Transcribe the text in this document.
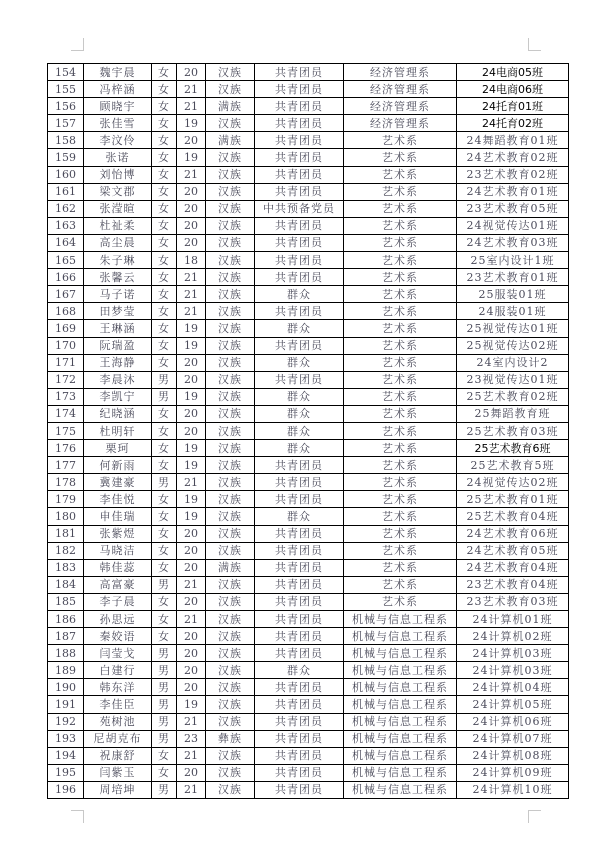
154	魏宇晨	女	20	汉族	共青团员	经济管理系	24电商05班
155	冯梓涵	女	21	汉族	共青团员	经济管理系	24电商06班
156	顾晓宇	女	21	满族	共青团员	经济管理系	24托育01班
157	张佳雪	女	19	汉族	共青团员	经济管理系	24托育02班
158	李汶伶	女	20	满族	共青团员	艺术系	24舞蹈教育01班
159	张诺	女	19	汉族	共青团员	艺术系	24艺术教育02班
160	刘怡博	女	21	汉族	共青团员	艺术系	23艺术教育02班
161	梁文郡	女	20	汉族	共青团员	艺术系	24艺术教育01班
162	张滢暄	女	20	汉族	中共预备党员	艺术系	23艺术教育05班
163	杜祉柔	女	20	汉族	共青团员	艺术系	24视觉传达01班
164	高尘晨	女	20	汉族	共青团员	艺术系	24艺术教育03班
165	朱子琳	女	18	汉族	共青团员	艺术系	25室内设计1班
166	张馨云	女	21	汉族	共青团员	艺术系	23艺术教育01班
167	马子诺	女	21	汉族	群众	艺术系	25服装01班
168	田梦莹	女	21	汉族	共青团员	艺术系	24服装01班
169	王琳涵	女	19	汉族	群众	艺术系	25视觉传达01班
170	阮瑞盈	女	19	汉族	共青团员	艺术系	25视觉传达02班
171	王海静	女	20	汉族	群众	艺术系	24室内设计2
172	李晨沐	男	20	汉族	共青团员	艺术系	23视觉传达01班
173	李凯宁	男	19	汉族	群众	艺术系	25艺术教育02班
174	纪晓涵	女	20	汉族	群众	艺术系	25舞蹈教育班
175	杜明轩	女	20	汉族	群众	艺术系	25艺术教育03班
176	栗珂	女	19	汉族	群众	艺术系	25艺术教育6班
177	何新雨	女	19	汉族	共青团员	艺术系	25艺术教育5班
178	冀建豪	男	21	汉族	共青团员	艺术系	24视觉传达02班
179	李佳悦	女	19	汉族	共青团员	艺术系	25艺术教育01班
180	申佳瑞	女	19	汉族	群众	艺术系	25艺术教育04班
181	张紫煜	女	20	汉族	共青团员	艺术系	24艺术教育06班
182	马晓洁	女	20	汉族	共青团员	艺术系	24艺术教育05班
183	韩佳蕊	女	20	满族	共青团员	艺术系	24艺术教育04班
184	高富豪	男	21	汉族	共青团员	艺术系	23艺术教育04班
185	李子晨	女	20	汉族	共青团员	艺术系	23艺术教育03班
186	孙思远	女	21	汉族	共青团员	机械与信息工程系	24计算机01班
187	秦姣语	女	20	汉族	共青团员	机械与信息工程系	24计算机02班
188	闫莹戈	男	20	汉族	共青团员	机械与信息工程系	24计算机03班
189	白建行	男	20	汉族	群众	机械与信息工程系	24计算机03班
190	韩东洋	男	20	汉族	共青团员	机械与信息工程系	24计算机04班
191	李佳臣	男	19	汉族	共青团员	机械与信息工程系	24计算机05班
192	苑树池	男	21	汉族	共青团员	机械与信息工程系	24计算机06班
193	尼胡克布	男	23	彝族	共青团员	机械与信息工程系	24计算机07班
194	祝康舒	女	21	汉族	共青团员	机械与信息工程系	24计算机08班
195	闫紫玉	女	20	汉族	共青团员	机械与信息工程系	24计算机09班
196	周培坤	男	21	汉族	共青团员	机械与信息工程系	24计算机10班
